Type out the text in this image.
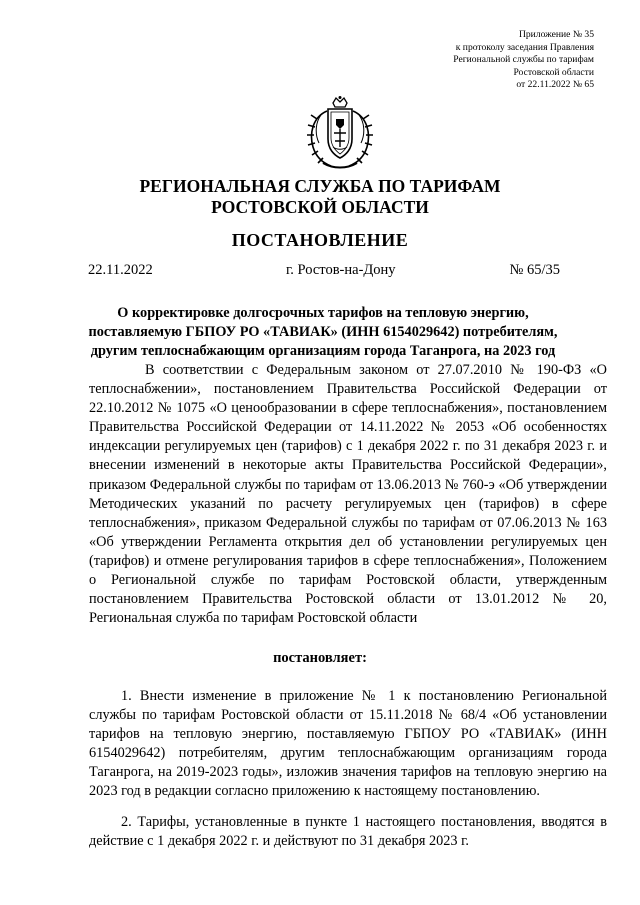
Приложение № 35
к протоколу заседания Правления
Региональной службы по тарифам
Ростовской области
от 22.11.2022 № 65
РЕГИОНАЛЬНАЯ СЛУЖБА ПО ТАРИФАМ
РОСТОВСКОЙ ОБЛАСТИ
ПОСТАНОВЛЕНИЕ
22.11.2022	г. Ростов-на-Дону	№ 65/35
О корректировке долгосрочных тарифов на тепловую энергию, поставляемую ГБПОУ РО «ТАВИАК» (ИНН 6154029642) потребителям, другим теплоснабжающим организациям города Таганрога, на 2023 год

В соответствии с Федеральным законом от 27.07.2010 № 190-ФЗ «О теплоснабжении», постановлением Правительства Российской Федерации от 22.10.2012 № 1075 «О ценообразовании в сфере теплоснабжения», постановлением Правительства Российской Федерации от 14.11.2022 № 2053 «Об особенностях индексации регулируемых цен (тарифов) с 1 декабря 2022 г. по 31 декабря 2023 г. и внесении изменений в некоторые акты Правительства Российской Федерации», приказом Федеральной службы по тарифам от 13.06.2013 № 760-э «Об утверждении Методических указаний по расчету регулируемых цен (тарифов) в сфере теплоснабжения», приказом Федеральной службы по тарифам от 07.06.2013 № 163 «Об утверждении Регламента открытия дел об установлении регулируемых цен (тарифов) и отмене регулирования тарифов в сфере теплоснабжения», Положением о Региональной службе по тарифам Ростовской области, утвержденным постановлением Правительства Ростовской области от 13.01.2012 № 20, Региональная служба по тарифам Ростовской области

постановляет:

1. Внести изменение в приложение № 1 к постановлению Региональной службы по тарифам Ростовской области от 15.11.2018 № 68/4 «Об установлении тарифов на тепловую энергию, поставляемую ГБПОУ РО «ТАВИАК» (ИНН 6154029642) потребителям, другим теплоснабжающим организациям города Таганрога, на 2019-2023 годы», изложив значения тарифов на тепловую энергию на 2023 год в редакции согласно приложению к настоящему постановлению.

2. Тарифы, установленные в пункте 1 настоящего постановления, вводятся в действие с 1 декабря 2022 г. и действуют по 31 декабря 2023 г.
